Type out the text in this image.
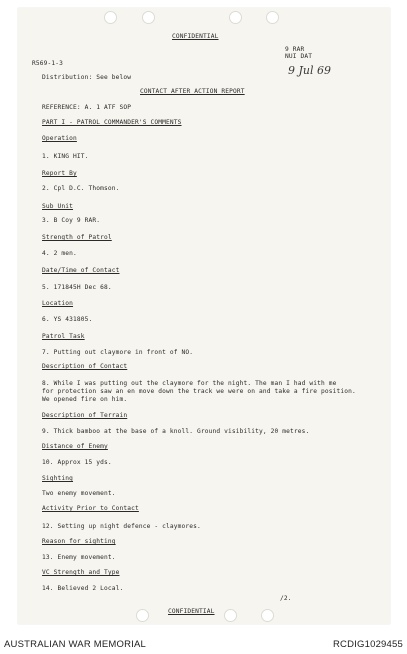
CONFIDENTIAL
9 RAR
NUI DAT
9 Jul 69
R569-1-3
Distribution: See below
CONTACT AFTER ACTION REPORT
REFERENCE: A. 1 ATF SOP
PART I - PATROL COMMANDER'S COMMENTS
Operation
1. KING HIT.
Report By
2. Cpl D.C. Thomson.
Sub Unit
3. B Coy 9 RAR.
Strength of Patrol
4. 2 men.
Date/Time of Contact
5. 171845H Dec 68.
Location
6. YS 431805.
Patrol Task
7. Putting out claymore in front of NO.
Description of Contact
8. While I was putting out the claymore for the night. The man I had with me
for protection saw an en move down the track we were on and take a fire position.
We opened fire on him.
Description of Terrain
9. Thick bamboo at the base of a knoll. Ground visibility, 20 metres.
Distance of Enemy
10. Approx 15 yds.
Sighting
Two enemy movement.
Activity Prior to Contact
12. Setting up night defence - claymores.
Reason for sighting
13. Enemy movement.
VC Strength and Type
14. Believed 2 Local.
/2.
CONFIDENTIAL
AUSTRALIAN WAR MEMORIAL	RCDIG1029455
